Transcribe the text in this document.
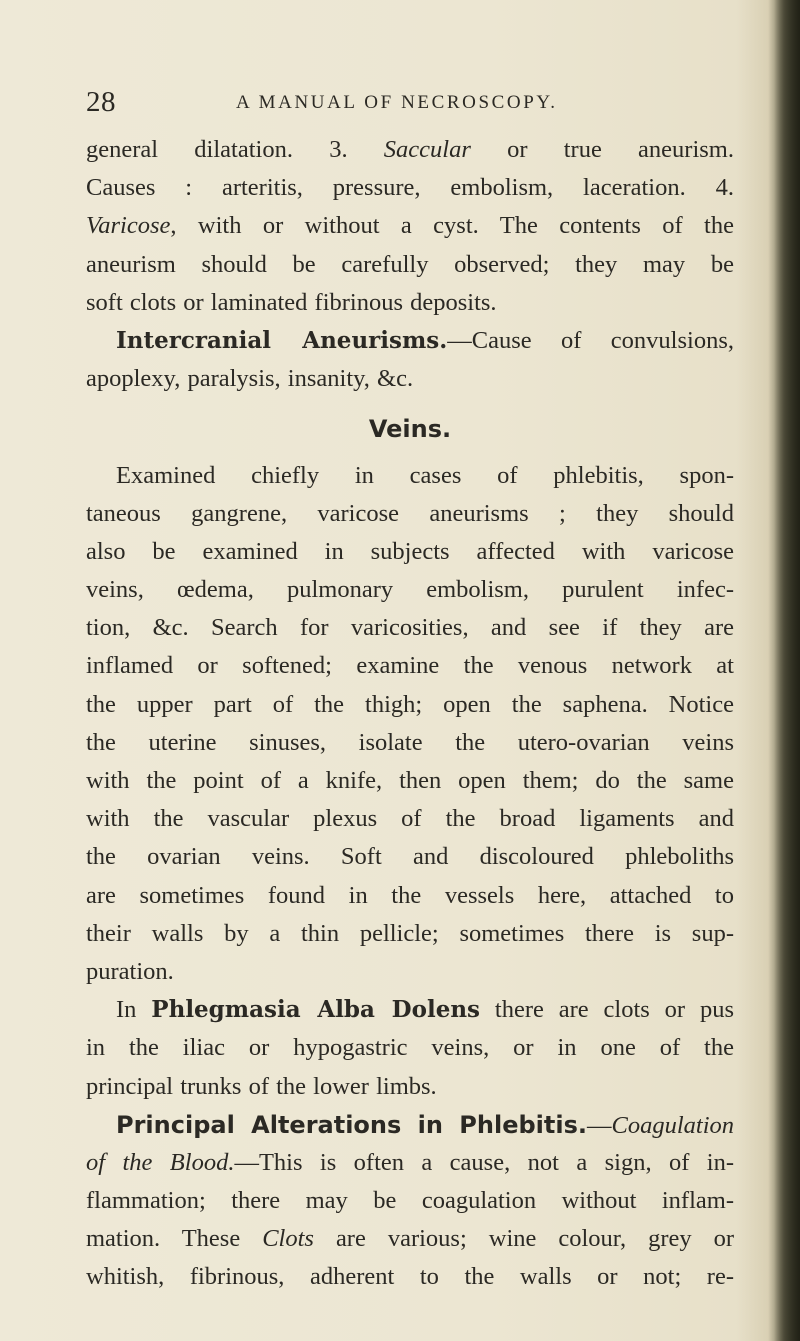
28	A MANUAL OF NECROSCOPY.
general dilatation. 3. Saccular or true aneurism.
Causes : arteritis, pressure, embolism, laceration. 4.
Varicose, with or without a cyst. The contents of the
aneurism should be carefully observed; they may be
soft clots or laminated fibrinous deposits.
Intercranial Aneurisms.—Cause of convulsions,
apoplexy, paralysis, insanity, &c.
Veins.
Examined chiefly in cases of phlebitis, spon-
taneous gangrene, varicose aneurisms ; they should
also be examined in subjects affected with varicose
veins, œdema, pulmonary embolism, purulent infec-
tion, &c. Search for varicosities, and see if they are
inflamed or softened; examine the venous network at
the upper part of the thigh; open the saphena. Notice
the uterine sinuses, isolate the utero-ovarian veins
with the point of a knife, then open them; do the same
with the vascular plexus of the broad ligaments and
the ovarian veins. Soft and discoloured phleboliths
are sometimes found in the vessels here, attached to
their walls by a thin pellicle; sometimes there is sup-
puration.
In Phlegmasia Alba Dolens there are clots or pus
in the iliac or hypogastric veins, or in one of the
principal trunks of the lower limbs.
Principal Alterations in Phlebitis.—Coagulation
of the Blood.—This is often a cause, not a sign, of in-
flammation; there may be coagulation without inflam-
mation. These Clots are various; wine colour, grey or
whitish, fibrinous, adherent to the walls or not; re-
